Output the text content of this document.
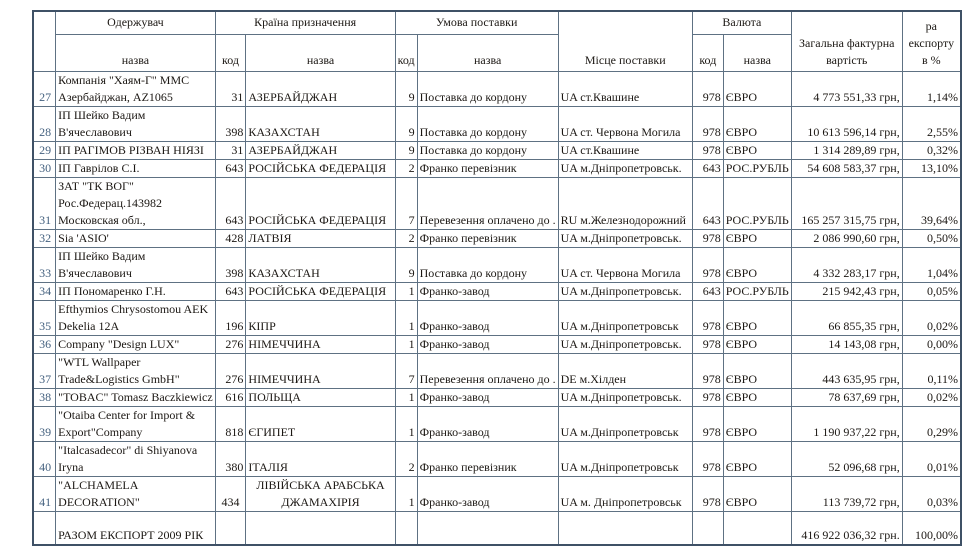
	Одержувач	Країна призначення		Умова поставки		Місце поставки	Валюта		Загальна фактурна вартість	ра експорту в %
	назва	код	назва	код	назва		код	назва		
27	Компанія "Хаям-Г" ММС
Азербайджан, AZ1065	31	АЗЕРБАЙДЖАН	9	Поставка до кордону	UA ст.Квашине	978	ЄВРО	4 773 551,33 грн,	1,14%
28	ІП Шейко Вадим
В'ячеславович	398	КАЗАХСТАН	9	Поставка до кордону	UA ст. Червона Могила	978	ЄВРО	10 613 596,14 грн,	2,55%
29	ІП РАГІМОВ РІЗВАН НІЯЗІ	31	АЗЕРБАЙДЖАН	9	Поставка до кордону	UA ст.Квашине	978	ЄВРО	1 314 289,89 грн,	0,32%
30	ІП Гаврілов С.І.	643	РОСІЙСЬКА ФЕДЕРАЦІЯ	2	Франко перевізник	UA м.Дніпропетровськ.	643	РОС.РУБЛЬ	54 608 583,37 грн,	13,10%
31	ЗАТ "ТК ВОГ"
Рос.Федерац.143982
Московская обл.,	643	РОСІЙСЬКА ФЕДЕРАЦІЯ	7	Перевезення оплачено до .	RU м.Железнодорожний	643	РОС.РУБЛЬ	165 257 315,75 грн,	39,64%
32	Sia 'ASIO'	428	ЛАТВІЯ	2	Франко перевізник	UA м.Дніпропетровськ.	978	ЄВРО	2 086 990,60 грн,	0,50%
33	ІП Шейко Вадим
В'ячеславович	398	КАЗАХСТАН	9	Поставка до кордону	UA ст. Червона Могила	978	ЄВРО	4 332 283,17 грн,	1,04%
34	ІП Пономаренко Г.Н.	643	РОСІЙСЬКА ФЕДЕРАЦІЯ	1	Франко-завод	UA м.Дніпропетровськ.	643	РОС.РУБЛЬ	215 942,43 грн,	0,05%
35	Efthymios Chrysostomou AEK
Dekelia 12A	196	КІПР	1	Франко-завод	UA м.Дніпропетровськ	978	ЄВРО	66 855,35 грн,	0,02%
36	Company "Design LUX"	276	НІМЕЧЧИНА	1	Франко-завод	UA м.Дніпропетровськ.	978	ЄВРО	14 143,08 грн,	0,00%
37	"WTL Wallpaper
Trade&Logistics GmbH"	276	НІМЕЧЧИНА	7	Перевезення оплачено до .	DE м.Хілден	978	ЄВРО	443 635,95 грн,	0,11%
38	"TOBAC" Tomasz Baczkiewicz	616	ПОЛЬЩА	1	Франко-завод	UA м.Дніпропетровськ.	978	ЄВРО	78 637,69 грн,	0,02%
39	"Otaiba Center for Import &
Export"Company	818	ЄГИПЕТ	1	Франко-завод	UA м.Дніпропетровськ	978	ЄВРО	1 190 937,22 грн,	0,29%
40	"Italcasadecor" di Shiyanova
Iryna	380	ІТАЛІЯ	2	Франко перевізник	UA м.Дніпропетровськ	978	ЄВРО	52 096,68 грн,	0,01%
41	"ALCHAMELA
DECORATION"	434	ЛІВІЙСЬКА АРАБСЬКА
ДЖАМАХІРІЯ	1	Франко-завод	UA м. Дніпропетровськ	978	ЄВРО	113 739,72 грн,	0,03%
	РАЗОМ ЕКСПОРТ 2009 РІК								416 922 036,32 грн.	100,00%
